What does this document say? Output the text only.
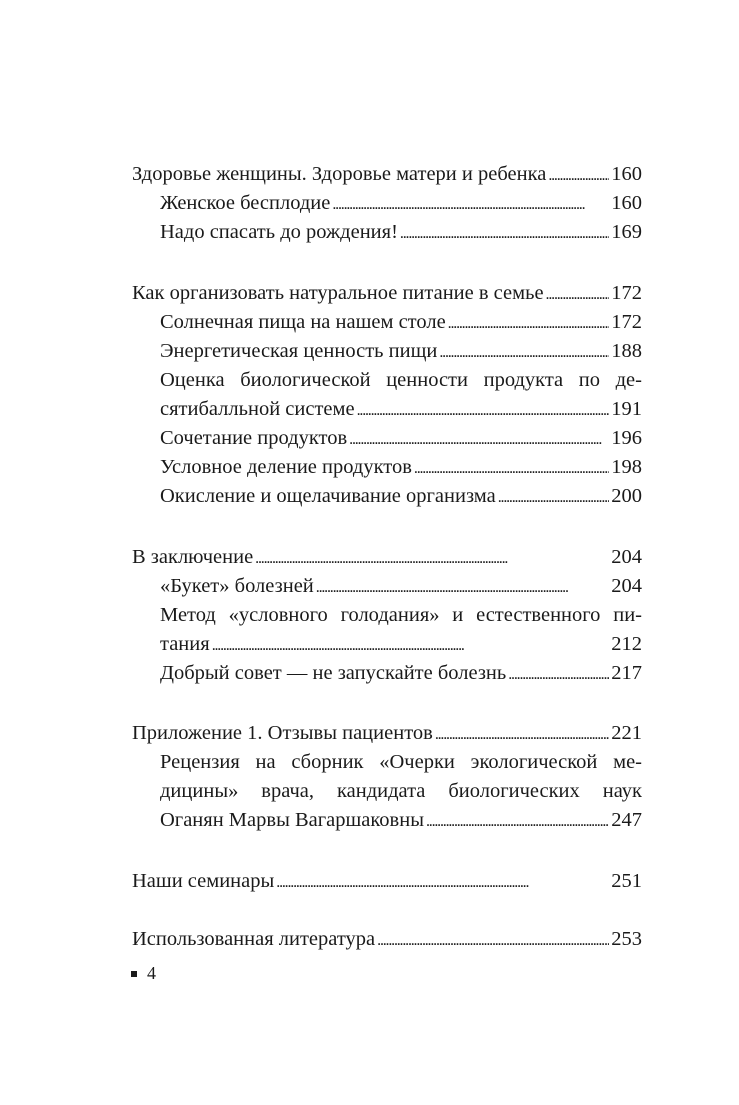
Здоровье женщины. Здоровье матери и ребенка . . .	160
Женское бесплодие . . .	160
Надо спасать до рождения! . . .	169
Как организовать натуральное питание в семье . . .	172
Солнечная пища на нашем столе . . .	172
Энергетическая ценность пищи . . .	188
Оценка биологической ценности продукта по де-
сятибалльной системе . . .	191
Сочетание продуктов . . .	196
Условное деление продуктов . . .	198
Окисление и ощелачивание организма . . .	200
В заключение . . .	204
«Букет» болезней . . .	204
Метод «условного голодания» и естественного пи-
тания . . .	212
Добрый совет — не запускайте болезнь . . .	217
Приложение 1. Отзывы пациентов . . .	221
Рецензия на сборник «Очерки экологической ме-
дицины» врача, кандидата биологических наук
Оганян Марвы Вагаршаковны . . .	247
Наши семинары . . .	251
Использованная литература . . .	253
4
